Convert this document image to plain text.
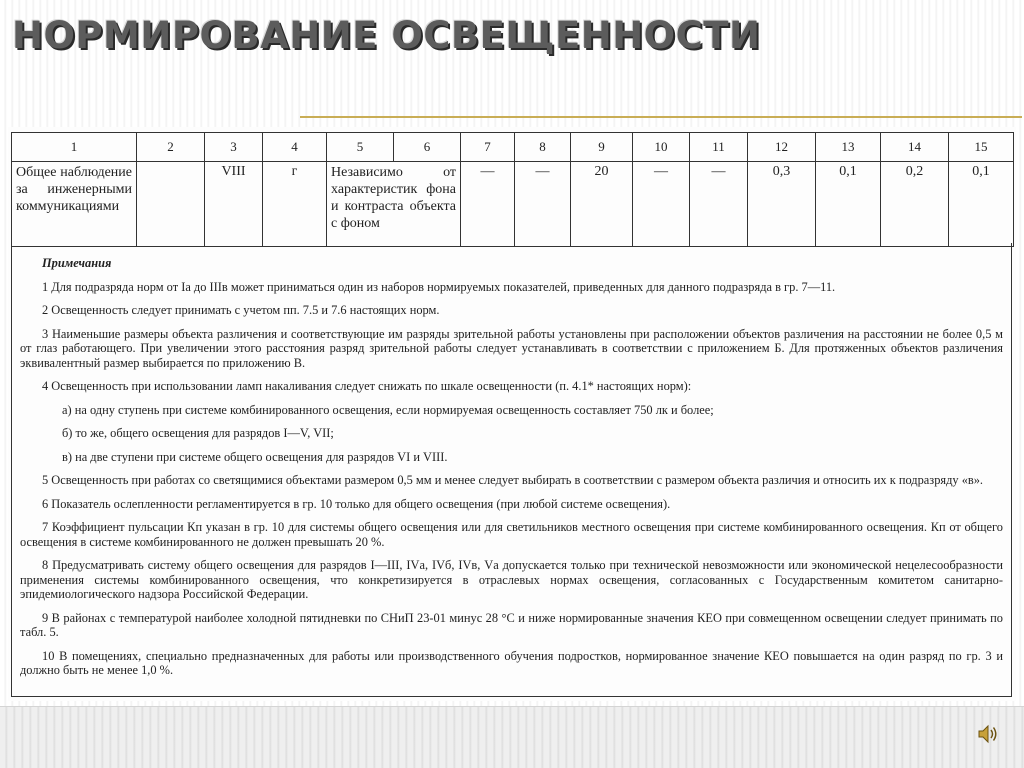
НОРМИРОВАНИЕ ОСВЕЩЕННОСТИ
1	2	3	4	5	6	7	8	9	10	11	12	13	14	15
Общее наблюдение за инженерными коммуникациями		VIII	г	Независимо от характеристик фона и контраста объекта с фоном		—	—	20	—	—	0,3	0,1	0,2	0,1
Примечания

1 Для подразряда норм от Iа до IIIв может приниматься один из наборов нормируемых показателей, приведенных для данного подразряда в гр. 7—11.

2 Освещенность следует принимать с учетом пп. 7.5 и 7.6 настоящих норм.

3 Наименьшие размеры объекта различения и соответствующие им разряды зрительной работы установлены при расположении объектов различения на расстоянии не более 0,5 м от глаз работающего. При увеличении этого расстояния разряд зрительной работы следует устанавливать в соответствии с приложением Б. Для протяженных объектов различения эквивалентный размер выбирается по приложению В.

4 Освещенность при использовании ламп накаливания следует снижать по шкале освещенности (п. 4.1* настоящих норм):

а) на одну ступень при системе комбинированного освещения, если нормируемая освещенность составляет 750 лк и более;

б) то же, общего освещения для разрядов I—V, VII;

в) на две ступени при системе общего освещения для разрядов VI и VIII.

5 Освещенность при работах со светящимися объектами размером 0,5 мм и менее следует выбирать в соответствии с размером объекта различия и относить их к подразряду «в».

6 Показатель ослепленности регламентируется в гр. 10 только для общего освещения (при любой системе освещения).

7 Коэффициент пульсации Кп указан в гр. 10 для системы общего освещения или для светильников местного освещения при системе комбинированного освещения. Кп от общего освещения в системе комбинированного не должен превышать 20 %.

8 Предусматривать систему общего освещения для разрядов I—III, IVа, IVб, IVв, Vа допускается только при технической невозможности или экономической нецелесообразности применения системы комбинированного освещения, что конкретизируется в отраслевых нормах освещения, согласованных с Государственным комитетом санитарно-эпидемиологического надзора Российской Федерации.

9 В районах с температурой наиболее холодной пятидневки по СНиП 23-01 минус 28 °С и ниже нормированные значения КЕО при совмещенном освещении следует принимать по табл. 5.

10 В помещениях, специально предназначенных для работы или производственного обучения подростков, нормированное значение КЕО повышается на один разряд по гр. 3 и должно быть не менее 1,0 %.
